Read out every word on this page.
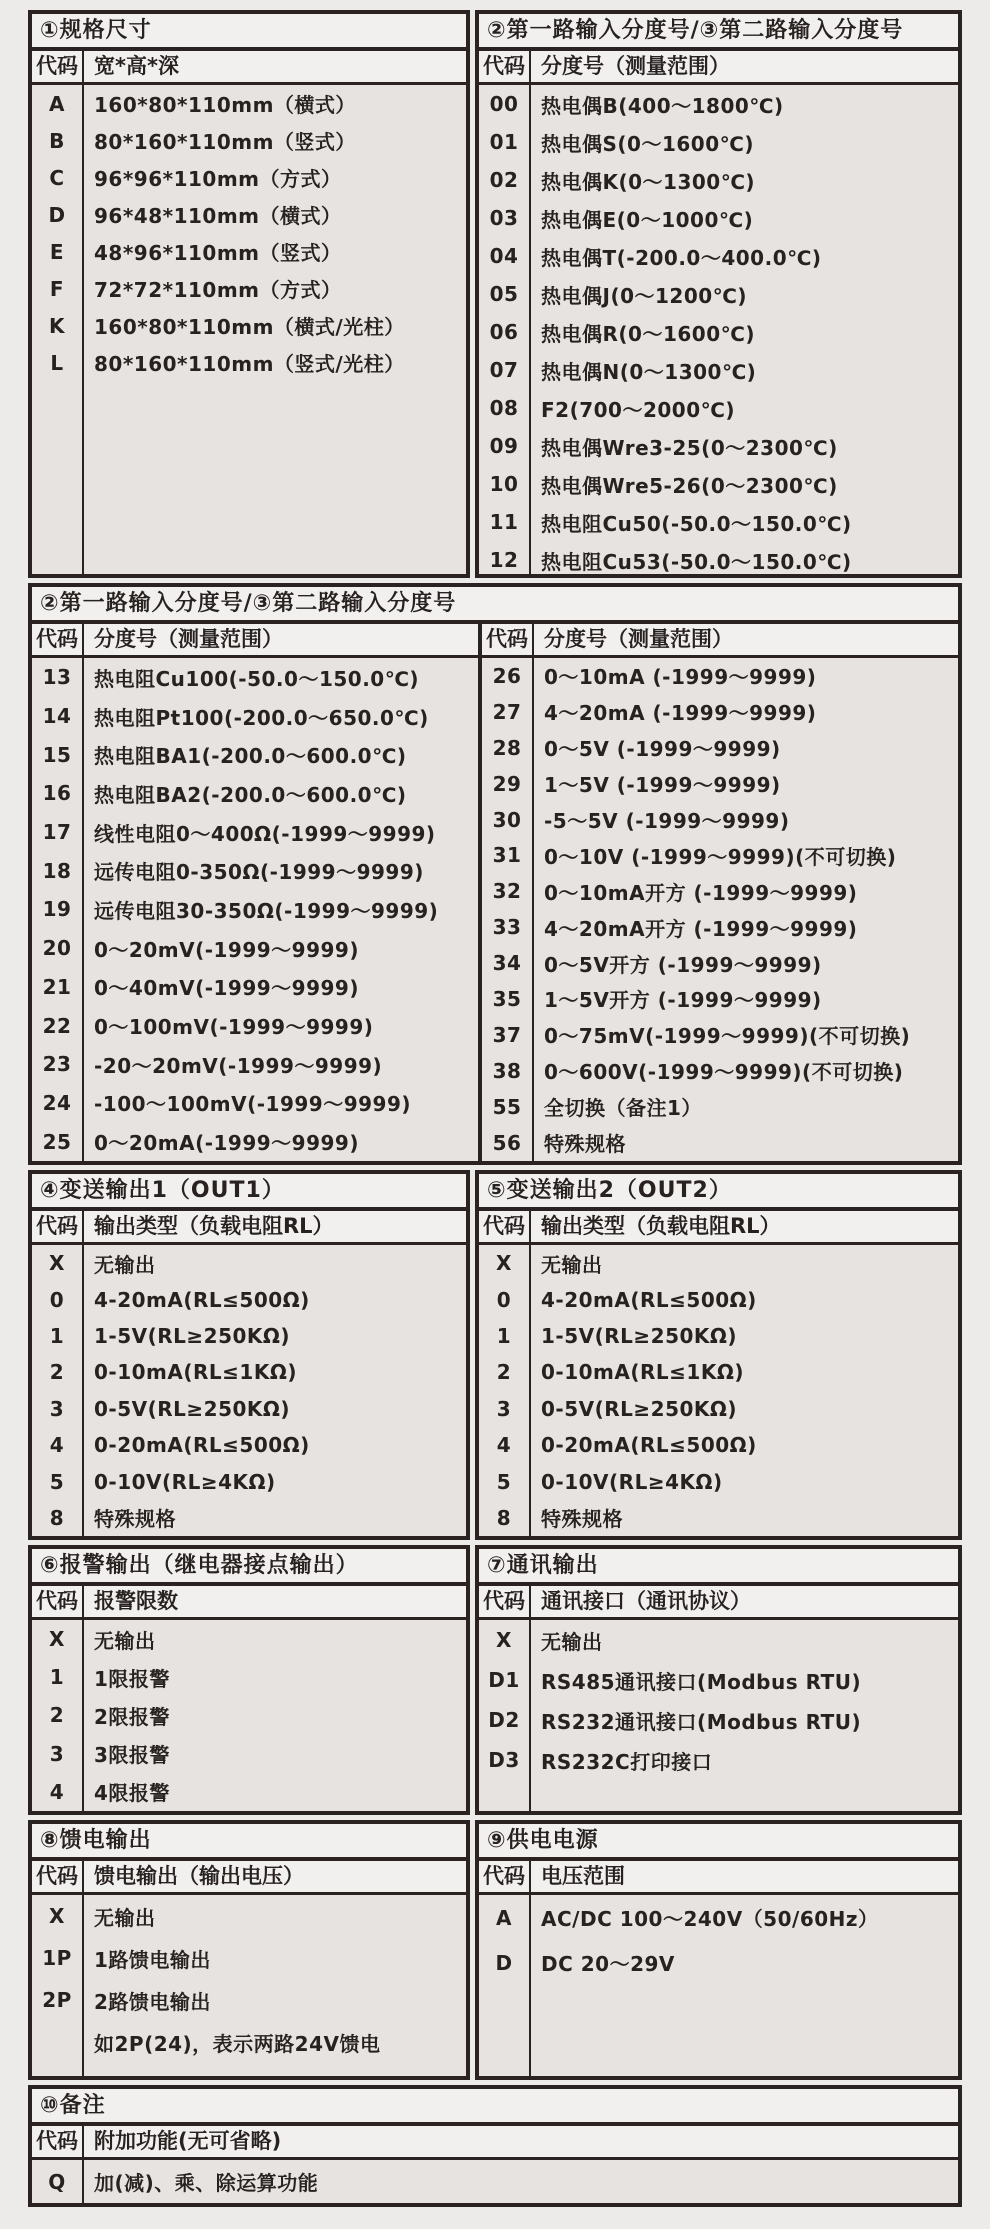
①规格尺寸
代码 宽*高*深
A	160*80*110mm（横式）
B	80*160*110mm（竖式）
C	96*96*110mm（方式）
D	96*48*110mm（横式）
E	48*96*110mm（竖式）
F	72*72*110mm（方式）
K	160*80*110mm（横式/光柱）
L	80*160*110mm（竖式/光柱）
②第一路输入分度号/③第二路输入分度号
代码 分度号（测量范围）
00	热电偶B(400～1800℃)
01	热电偶S(0～1600℃)
02	热电偶K(0～1300℃)
03	热电偶E(0～1000℃)
04	热电偶T(-200.0～400.0℃)
05	热电偶J(0～1200℃)
06	热电偶R(0～1600℃)
07	热电偶N(0～1300℃)
08	F2(700～2000℃)
09	热电偶Wre3-25(0～2300℃)
10	热电偶Wre5-26(0～2300℃)
11	热电阻Cu50(-50.0～150.0℃)
12	热电阻Cu53(-50.0～150.0℃)
②第一路输入分度号/③第二路输入分度号
代码 分度号（测量范围）
13	热电阻Cu100(-50.0～150.0℃)
14	热电阻Pt100(-200.0～650.0℃)
15	热电阻BA1(-200.0～600.0℃)
16	热电阻BA2(-200.0～600.0℃)
17	线性电阻0～400Ω(-1999～9999)
18	远传电阻0-350Ω(-1999～9999)
19	远传电阻30-350Ω(-1999～9999)
20	0～20mV(-1999～9999)
21	0～40mV(-1999～9999)
22	0～100mV(-1999～9999)
23	-20～20mV(-1999～9999)
24	-100～100mV(-1999～9999)
25	0～20mA(-1999～9999)
代码 分度号（测量范围）
26	0～10mA (-1999～9999)
27	4～20mA (-1999～9999)
28	0～5V (-1999～9999)
29	1～5V (-1999～9999)
30	-5～5V (-1999～9999)
31	0～10V (-1999～9999)(不可切换)
32	0～10mA开方 (-1999～9999)
33	4～20mA开方 (-1999～9999)
34	0～5V开方 (-1999～9999)
35	1～5V开方 (-1999～9999)
37	0～75mV(-1999～9999)(不可切换)
38	0～600V(-1999～9999)(不可切换)
55	全切换（备注1）
56	特殊规格
④变送输出1（OUT1）
代码 输出类型（负载电阻RL）
X	无输出
0	4-20mA(RL≤500Ω)
1	1-5V(RL≥250KΩ)
2	0-10mA(RL≤1KΩ)
3	0-5V(RL≥250KΩ)
4	0-20mA(RL≤500Ω)
5	0-10V(RL≥4KΩ)
8	特殊规格
⑤变送输出2（OUT2）
代码 输出类型（负载电阻RL）
X	无输出
0	4-20mA(RL≤500Ω)
1	1-5V(RL≥250KΩ)
2	0-10mA(RL≤1KΩ)
3	0-5V(RL≥250KΩ)
4	0-20mA(RL≤500Ω)
5	0-10V(RL≥4KΩ)
8	特殊规格
⑥报警输出（继电器接点输出）
代码 报警限数
X	无输出
1	1限报警
2	2限报警
3	3限报警
4	4限报警
⑦通讯输出
代码 通讯接口（通讯协议）
X	无输出
D1	RS485通讯接口(Modbus RTU)
D2	RS232通讯接口(Modbus RTU)
D3	RS232C打印接口
⑧馈电输出
代码 馈电输出（输出电压）
X	无输出
1P	1路馈电输出
2P	2路馈电输出
如2P(24)，表示两路24V馈电
⑨供电电源
代码 电压范围
A	AC/DC 100～240V（50/60Hz）
D	DC 20～29V
⑩备注
代码 附加功能(无可省略)
Q	加(减)、乘、除运算功能
